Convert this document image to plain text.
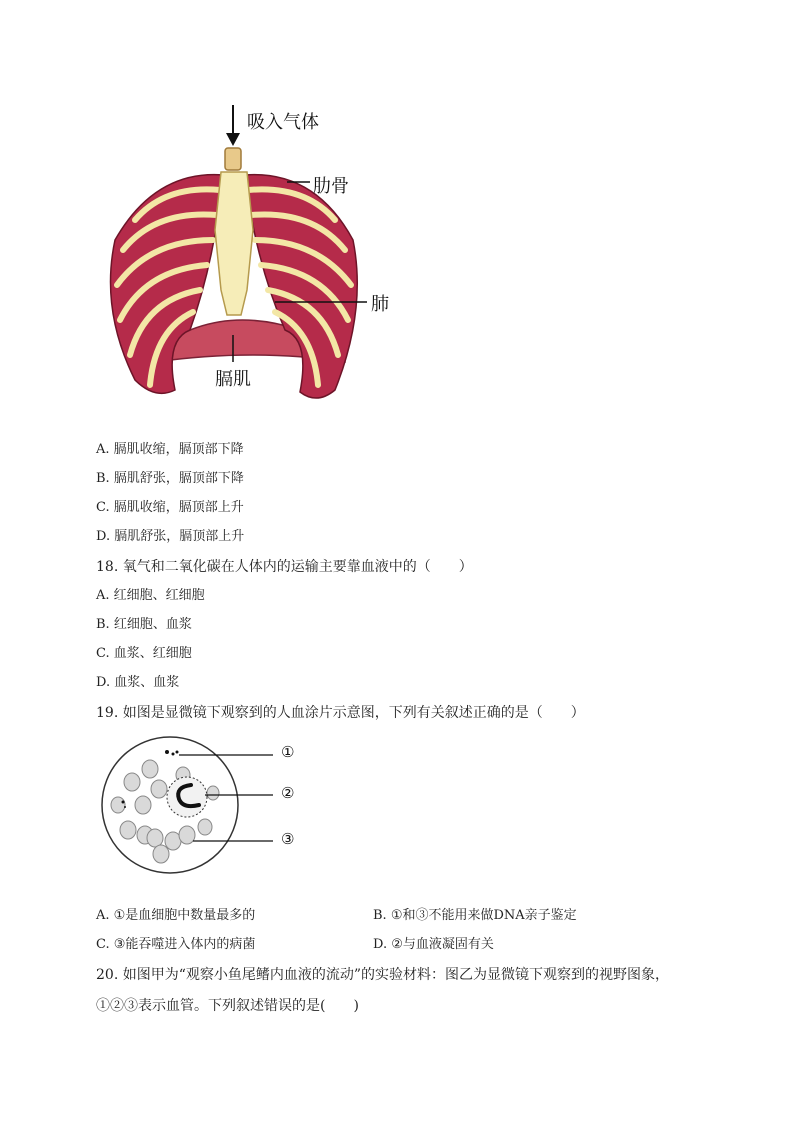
吸入气体
肋骨
肺
膈肌
A. 膈肌收缩，膈顶部下降
B. 膈肌舒张，膈顶部下降
C. 膈肌收缩，膈顶部上升
D. 膈肌舒张，膈顶部上升
18. 氧气和二氧化碳在人体内的运输主要靠血液中的（　　）
A. 红细胞、红细胞
B. 红细胞、血浆
C. 血浆、红细胞
D. 血浆、血浆
19. 如图是显微镜下观察到的人血涂片示意图，下列有关叙述正确的是（　　）
①
②
③
A. ①是血细胞中数量最多的	B. ①和③不能用来做DNA亲子鉴定
C. ③能吞噬进入体内的病菌	D. ②与血液凝固有关
20. 如图甲为“观察小鱼尾鳍内血液的流动”的实验材料：图乙为显微镜下观察到的视野图象，
①②③表示血管。下列叙述错误的是(　　)
